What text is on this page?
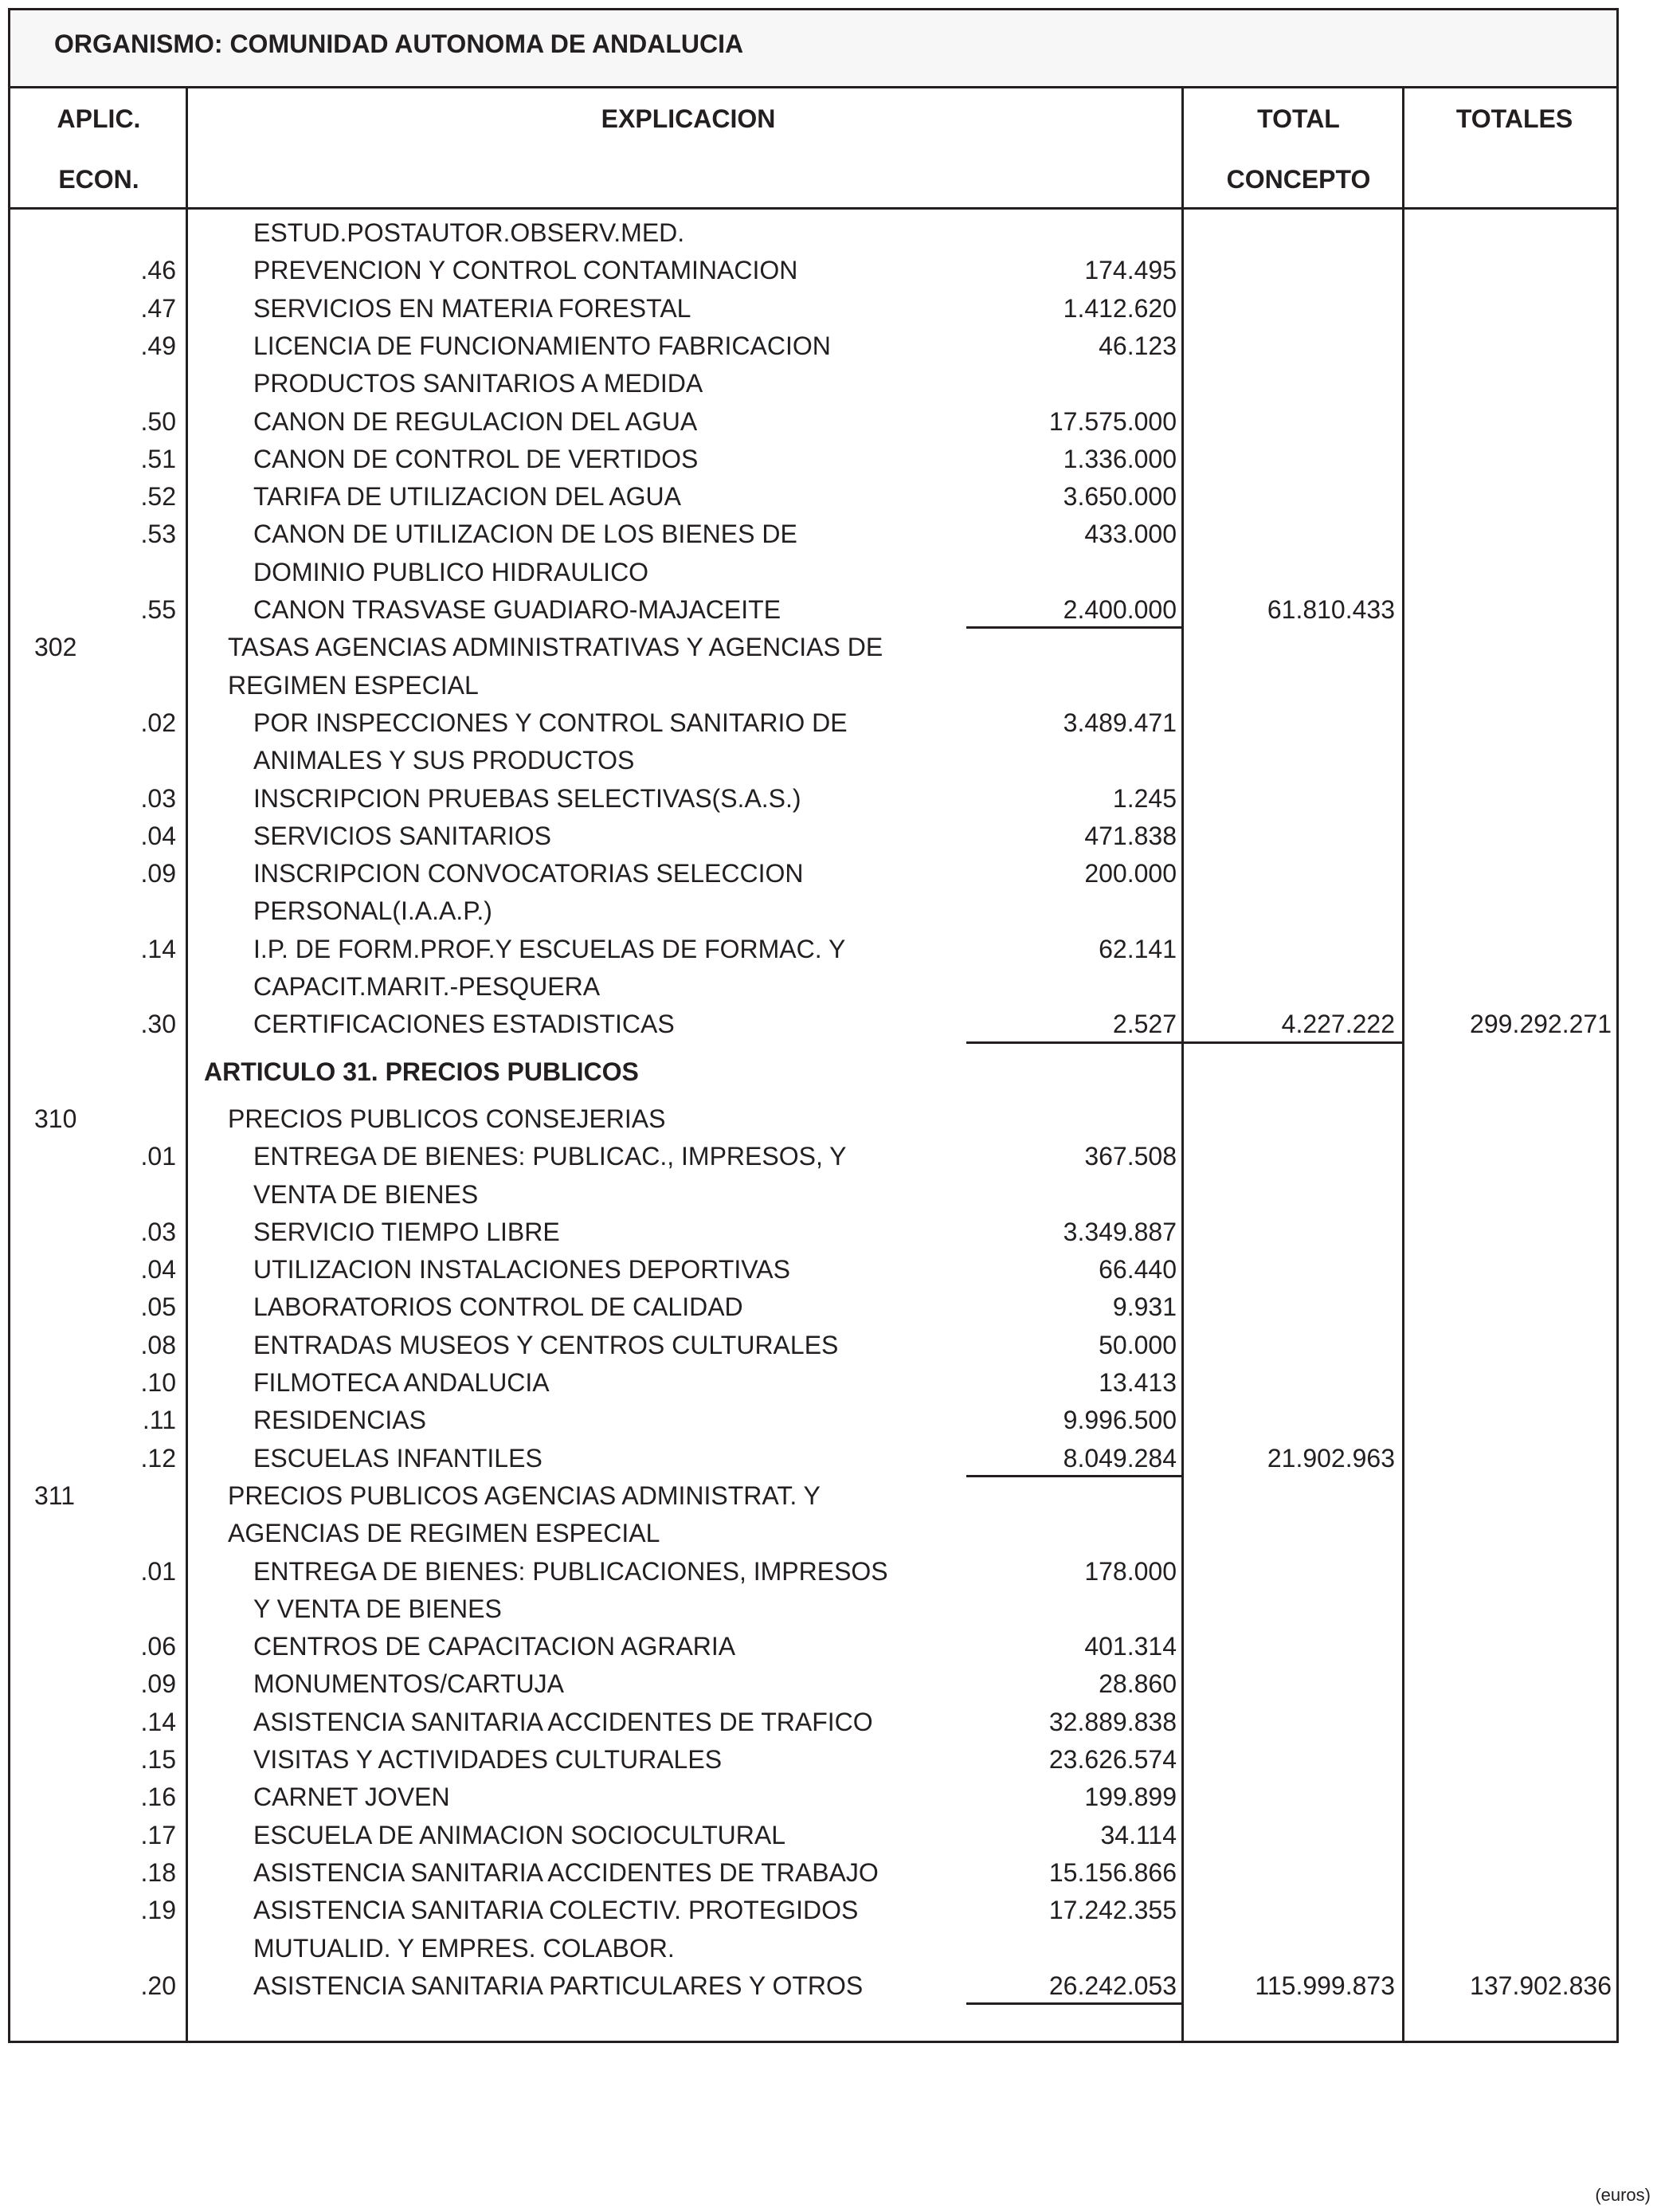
ORGANISMO: COMUNIDAD AUTONOMA DE ANDALUCIA
APLIC.
ECON.
EXPLICACION	TOTAL
CONCEPTO
TOTALES
ESTUD.POSTAUTOR.OBSERV.MED.
.46	PREVENCION Y CONTROL CONTAMINACION	174.495
.47	SERVICIOS EN MATERIA FORESTAL	1.412.620
.49	LICENCIA DE FUNCIONAMIENTO FABRICACION	46.123
PRODUCTOS SANITARIOS A MEDIDA
.50	CANON DE REGULACION DEL AGUA	17.575.000
.51	CANON DE CONTROL DE VERTIDOS	1.336.000
.52	TARIFA DE UTILIZACION DEL AGUA	3.650.000
.53	CANON DE UTILIZACION DE LOS BIENES DE	433.000
DOMINIO PUBLICO HIDRAULICO
.55	CANON TRASVASE GUADIARO-MAJACEITE	2.400.000	61.810.433
302	TASAS AGENCIAS ADMINISTRATIVAS Y AGENCIAS DE
REGIMEN ESPECIAL
.02	POR INSPECCIONES Y CONTROL SANITARIO DE	3.489.471
ANIMALES Y SUS PRODUCTOS
.03	INSCRIPCION PRUEBAS SELECTIVAS(S.A.S.)	1.245
.04	SERVICIOS SANITARIOS	471.838
.09	INSCRIPCION CONVOCATORIAS SELECCION	200.000
PERSONAL(I.A.A.P.)
.14	I.P. DE FORM.PROF.Y ESCUELAS DE FORMAC. Y	62.141
CAPACIT.MARIT.-PESQUERA
.30	CERTIFICACIONES ESTADISTICAS	2.527	4.227.222	299.292.271
ARTICULO 31. PRECIOS PUBLICOS
310	PRECIOS PUBLICOS CONSEJERIAS
.01	ENTREGA DE BIENES: PUBLICAC., IMPRESOS, Y	367.508
VENTA DE BIENES
.03	SERVICIO TIEMPO LIBRE	3.349.887
.04	UTILIZACION INSTALACIONES DEPORTIVAS	66.440
.05	LABORATORIOS CONTROL DE CALIDAD	9.931
.08	ENTRADAS MUSEOS Y CENTROS CULTURALES	50.000
.10	FILMOTECA ANDALUCIA	13.413
.11	RESIDENCIAS	9.996.500
.12	ESCUELAS INFANTILES	8.049.284	21.902.963
311	PRECIOS PUBLICOS AGENCIAS ADMINISTRAT. Y
AGENCIAS DE REGIMEN ESPECIAL
.01	ENTREGA DE BIENES: PUBLICACIONES, IMPRESOS	178.000
Y VENTA DE BIENES
.06	CENTROS DE CAPACITACION AGRARIA	401.314
.09	MONUMENTOS/CARTUJA	28.860
.14	ASISTENCIA SANITARIA ACCIDENTES DE TRAFICO	32.889.838
.15	VISITAS Y ACTIVIDADES CULTURALES	23.626.574
.16	CARNET JOVEN	199.899
.17	ESCUELA DE ANIMACION SOCIOCULTURAL	34.114
.18	ASISTENCIA SANITARIA ACCIDENTES DE TRABAJO	15.156.866
.19	ASISTENCIA SANITARIA COLECTIV. PROTEGIDOS	17.242.355
MUTUALID. Y EMPRES. COLABOR.
.20	ASISTENCIA SANITARIA PARTICULARES Y OTROS	26.242.053	115.999.873	137.902.836
(euros)
